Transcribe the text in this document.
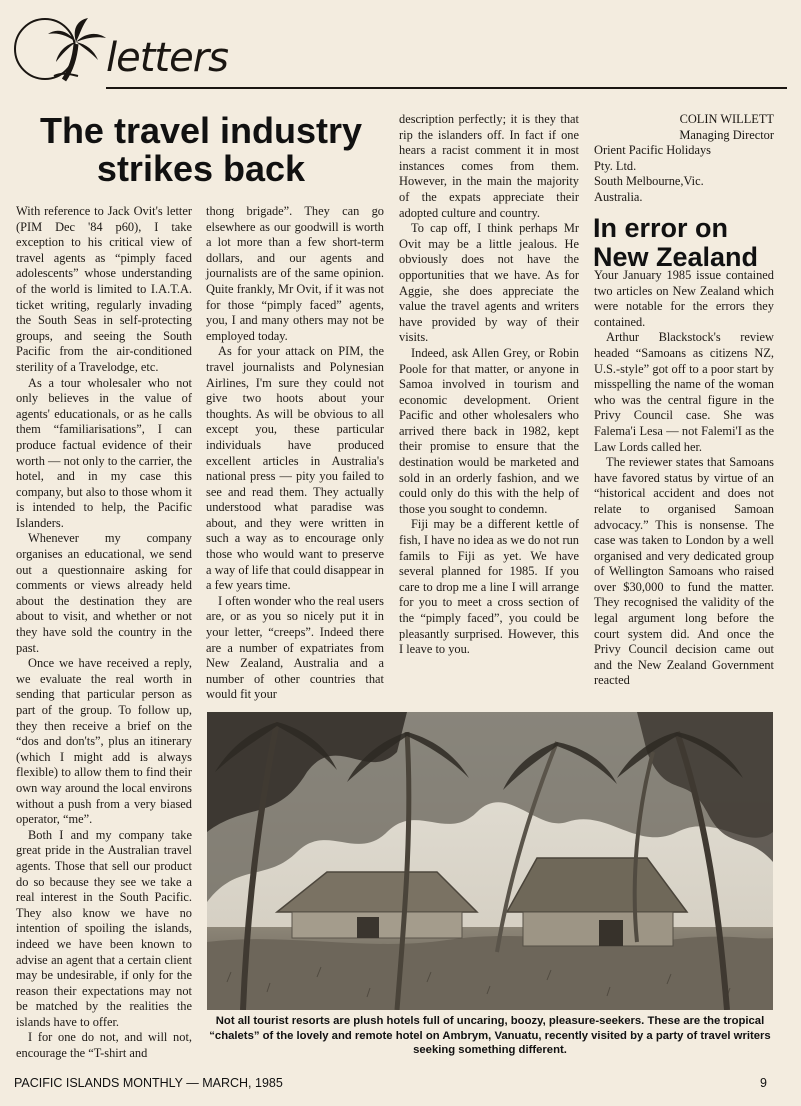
letters
The travel industry
strikes back

With reference to Jack Ovit's letter (PIM Dec '84 p60), I take exception to his critical view of travel agents as “pimply faced adolescents” whose understanding of the world is limited to I.A.T.A. ticket writing, regularly invading the South Seas in self-protecting groups, and seeing the South Pacific from the air-conditioned sterility of a Travelodge, etc.

As a tour wholesaler who not only believes in the value of agents' educationals, or as he calls them “familiarisations”, I can produce factual evidence of their worth — not only to the carrier, the hotel, and in my case this company, but also to those whom it is intended to help, the Pacific Islanders.

Whenever my company organises an educational, we send out a questionnaire asking for comments or views already held about the destination they are about to visit, and whether or not they have sold the country in the past.

Once we have received a reply, we evaluate the real worth in sending that particular person as part of the group. To follow up, they then receive a brief on the “dos and don'ts”, plus an itinerary (which I might add is always flexible) to allow them to find their own way around the local environs without a push from a very biased operator, “me”.

Both I and my company take great pride in the Australian travel agents. Those that sell our product do so because they see we take a real interest in the South Pacific. They also know we have no intention of spoiling the islands, indeed we have been known to advise an agent that a certain client may be undesirable, if only for the reason their expectations may not be matched by the realities the islands have to offer.

I for one do not, and will not, encourage the “T-shirt and

thong brigade”. They can go elsewhere as our goodwill is worth a lot more than a few short-term dollars, and our agents and journalists are of the same opinion. Quite frankly, Mr Ovit, if it was not for those “pimply faced” agents, you, I and many others may not be employed today.

As for your attack on PIM, the travel journalists and Polynesian Airlines, I'm sure they could not give two hoots about your thoughts. As will be obvious to all except you, these particular individuals have produced excellent articles in Australia's national press — pity you failed to see and read them. They actually understood what paradise was about, and they were written in such a way as to encourage only those who would want to preserve a way of life that could disappear in a few years time.

I often wonder who the real users are, or as you so nicely put it in your letter, “creeps”. Indeed there are a number of expatriates from New Zealand, Australia and a number of other countries that would fit your

description perfectly; it is they that rip the islanders off. In fact if one hears a racist comment it in most instances comes from them. However, in the main the majority of the expats appreciate their adopted culture and country.

To cap off, I think perhaps Mr Ovit may be a little jealous. He obviously does not have the opportunities that we have. As for Aggie, she does appreciate the value the travel agents and writers have provided by way of their visits.

Indeed, ask Allen Grey, or Robin Poole for that matter, or anyone in Samoa involved in tourism and economic development. Orient Pacific and other wholesalers who arrived there back in 1982, kept their promise to ensure that the destination would be marketed and sold in an orderly fashion, and we could only do this with the help of those you sought to condemn.

Fiji may be a different kettle of fish, I have no idea as we do not run famils to Fiji as yet. We have several planned for 1985. If you care to drop me a line I will arrange for you to meet a cross section of the “pimply faced”, you could be pleasantly surprised. However, this I leave to you.

COLIN WILLETT
Managing Director
Orient Pacific Holidays
Pty. Ltd.
South Melbourne,Vic.
Australia.
In error on
New Zealand

Your January 1985 issue contained two articles on New Zealand which were notable for the errors they contained.

Arthur Blackstock's review headed “Samoans as citizens NZ, U.S.-style” got off to a poor start by misspelling the name of the woman who was the central figure in the Privy Council case. She was Falema'i Lesa — not Falemi'I as the Law Lords called her.

The reviewer states that Samoans have favored status by virtue of an “historical accident and does not relate to organised Samoan advocacy.” This is nonsense. The case was taken to London by a well organised and very dedicated group of Wellington Samoans who raised over $30,000 to fund the matter. They recognised the validity of the legal argument long before the court system did. And once the Privy Council decision came out and the New Zealand Government reacted

Not all tourist resorts are plush hotels full of uncaring, boozy, pleasure-seekers. These are the tropical “chalets” of the lovely and remote hotel on Ambrym, Vanuatu, recently visited by a party of travel writers seeking something different.
PACIFIC ISLANDS MONTHLY — MARCH, 1985	9
